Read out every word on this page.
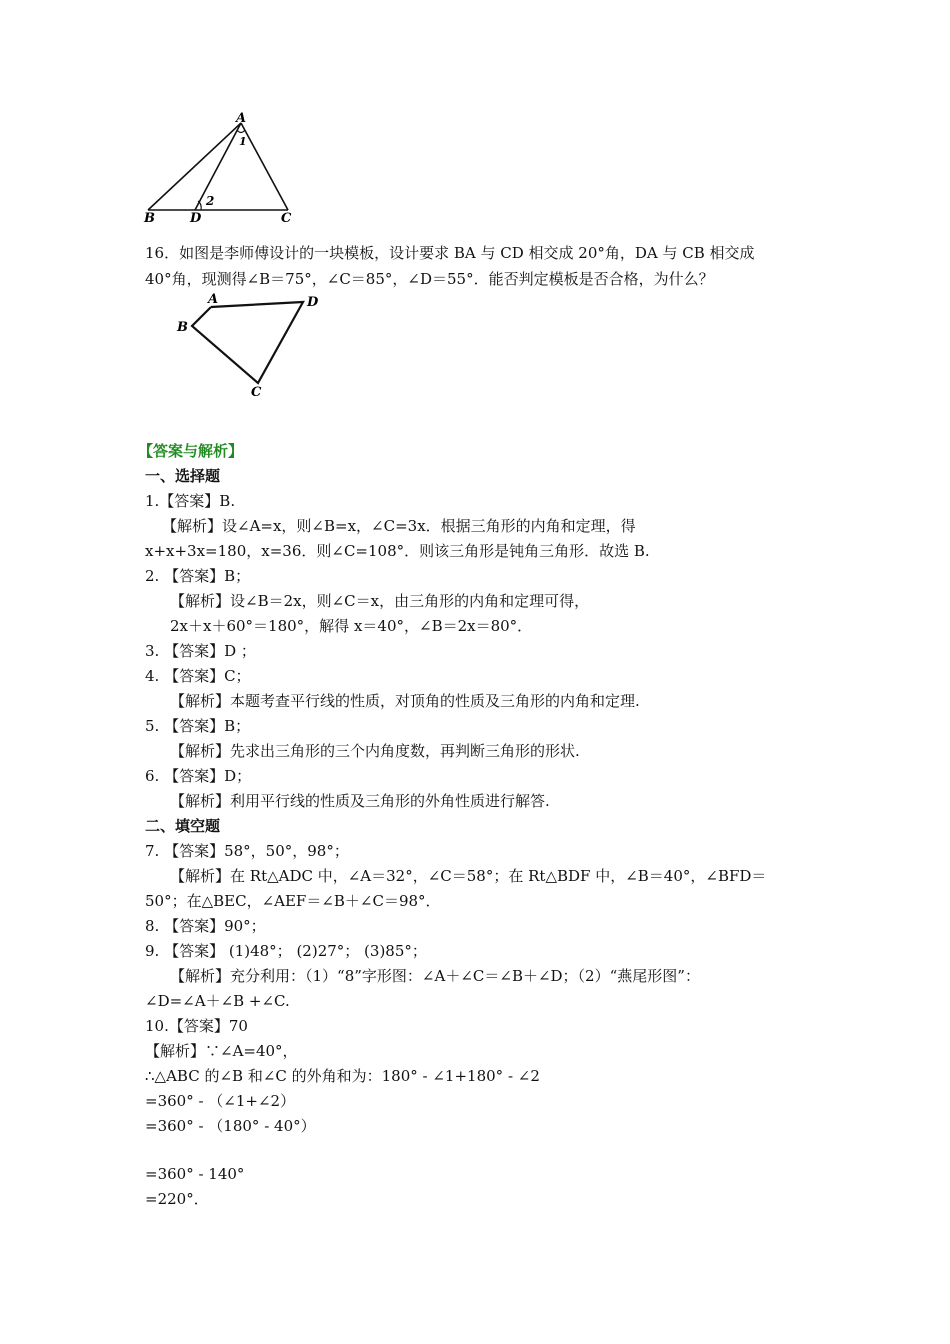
A
1
2
B	D	C
16．如图是李师傅设计的一块模板，设计要求 BA 与 CD 相交成 20°角，DA 与 CB 相交成
40°角，现测得∠B＝75°，∠C＝85°，∠D＝55°．能否判定模板是否合格，为什么？
A	D
B
C
【答案与解析】
一、选择题
1.【答案】B.
【解析】设∠A=x，则∠B=x，∠C=3x．根据三角形的内角和定理，得
x+x+3x=180，x=36．则∠C=108°．则该三角形是钝角三角形．故选 B.
2. 【答案】B；
【解析】设∠B＝2x，则∠C＝x，由三角形的内角和定理可得，
2x＋x＋60°＝180°，解得 x＝40°，∠B＝2x＝80°．
3. 【答案】D ；
4. 【答案】C；
【解析】本题考查平行线的性质，对顶角的性质及三角形的内角和定理.
5. 【答案】B；
【解析】先求出三角形的三个内角度数，再判断三角形的形状.
6. 【答案】D；
【解析】利用平行线的性质及三角形的外角性质进行解答.
二、填空题
7. 【答案】58°，50°，98°；
【解析】在 Rt△ADC 中，∠A＝32°，∠C＝58°；在 Rt△BDF 中，∠B＝40°，∠BFD＝
50°；在△BEC，∠AEF＝∠B＋∠C＝98°．
8. 【答案】90°；
9. 【答案】 (1)48°； (2)27°； (3)85°；
【解析】充分利用：（1）“8”字形图：∠A＋∠C＝∠B＋∠D；（2）“燕尾形图”：
∠D=∠A＋∠B +∠C.
10.【答案】70
【解析】∵∠A=40°，
∴△ABC 的∠B 和∠C 的外角和为：180° - ∠1+180° - ∠2
=360° - （∠1+∠2）
=360° - （180° - 40°）
=360° - 140°
=220°．
